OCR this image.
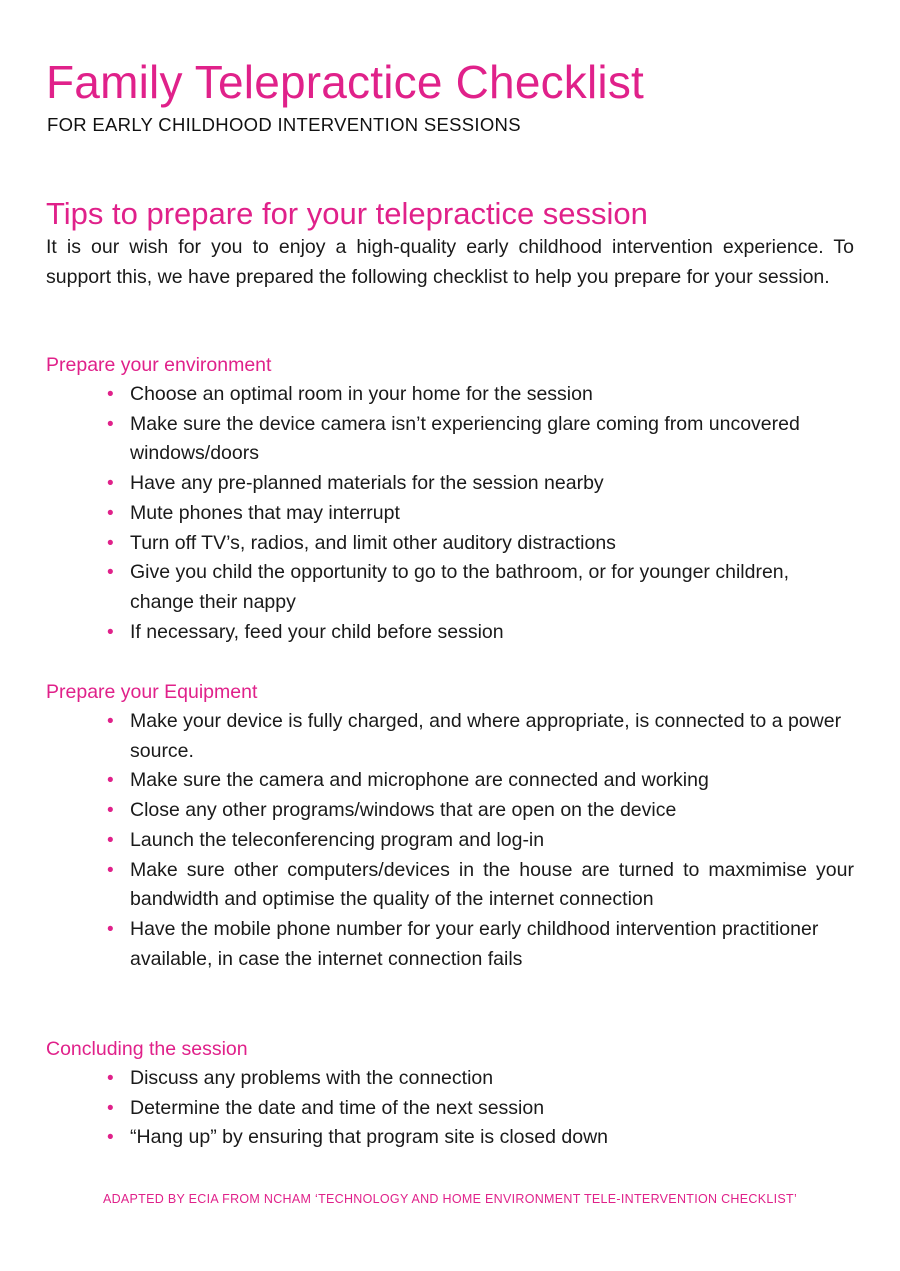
Family Telepractice Checklist

FOR EARLY CHILDHOOD INTERVENTION SESSIONS

Tips to prepare for your telepractice session

It is our wish for you to enjoy a high-quality early childhood intervention experience. To support this, we have prepared the following checklist to help you prepare for your session.

Prepare your environment
• Choose an optimal room in your home for the session
• Make sure the device camera isn’t experiencing glare coming from uncovered windows/doors
• Have any pre-planned materials for the session nearby
• Mute phones that may interrupt
• Turn off TV’s, radios, and limit other auditory distractions
• Give you child the opportunity to go to the bathroom, or for younger children, change their nappy
• If necessary, feed your child before session
Prepare your Equipment
• Make your device is fully charged, and where appropriate, is connected to a power source.
• Make sure the camera and microphone are connected and working
• Close any other programs/windows that are open on the device
• Launch the teleconferencing program and log-in
• Make sure other computers/devices in the house are turned to maxmimise your bandwidth and optimise the quality of the internet connection
• Have the mobile phone number for your early childhood intervention practitioner available, in case the internet connection fails
Concluding the session
• Discuss any problems with the connection
• Determine the date and time of the next session
• “Hang up” by ensuring that program site is closed down

ADAPTED BY ECIA FROM NCHAM ‘TECHNOLOGY AND HOME ENVIRONMENT TELE-INTERVENTION CHECKLIST’
